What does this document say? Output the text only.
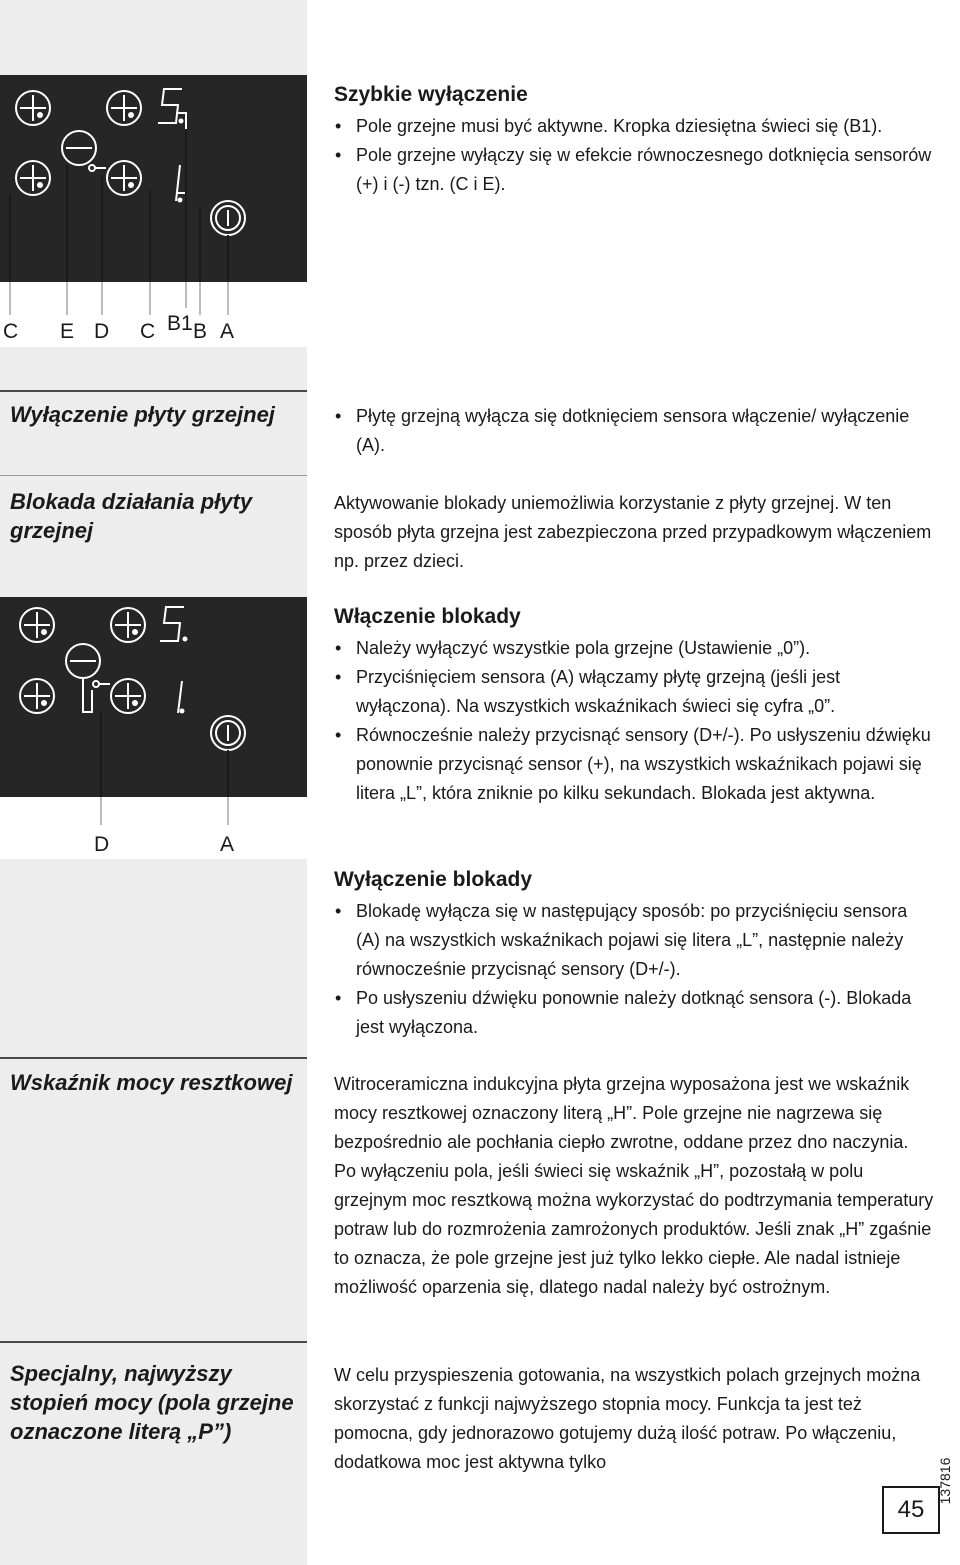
C E D C B1 B A
Wyłączenie płyty grzejnej
Blokada działania płyty grzejnej
D	A
Wskaźnik mocy resztkowej
Specjalny, najwyższy stopień mocy (pola grzejne oznaczone literą „P”)
Szybkie wyłączenie
• Pole grzejne musi być aktywne. Kropka dziesiętna świeci się (B1).
• Pole grzejne wyłączy się w efekcie równoczesnego dotknięcia sensorów (+) i (-) tzn. (C i E).
• Płytę grzejną wyłącza się dotknięciem sensora włączenie/ wyłączenie (A).
Aktywowanie blokady uniemożliwia korzystanie z płyty grzejnej. W ten sposób płyta grzejna jest zabezpieczona przed przypadkowym włączeniem np. przez dzieci.
Włączenie blokady
• Należy wyłączyć wszystkie pola grzejne (Ustawienie „0”).
• Przyciśnięciem sensora (A) włączamy płytę grzejną (jeśli jest wyłączona). Na wszystkich wskaźnikach świeci się cyfra „0”.
• Równocześnie należy przycisnąć sensory (D+/-). Po usłyszeniu dźwięku ponownie przycisnąć sensor (+), na wszystkich wskaźnikach pojawi się litera „L”, która zniknie po kilku sekundach. Blokada jest aktywna.
Wyłączenie blokady
• Blokadę wyłącza się w następujący sposób: po przyciśnięciu sensora (A) na wszystkich wskaźnikach pojawi się litera „L”, następnie należy równocześnie przycisnąć sensory (D+/-).
• Po usłyszeniu dźwięku ponownie należy dotknąć sensora (-). Blokada jest wyłączona.
Witroceramiczna indukcyjna płyta grzejna wyposażona jest we wskaźnik mocy resztkowej oznaczony literą „H”. Pole grzejne nie nagrzewa się bezpośrednio ale pochłania ciepło zwrotne, oddane przez dno naczynia. Po wyłączeniu pola, jeśli świeci się wskaźnik „H”, pozostałą w polu grzejnym moc resztkową można wykorzystać do podtrzymania temperatury potraw lub do rozmrożenia zamrożonych produktów. Jeśli znak „H” zgaśnie to oznacza, że pole grzejne jest już tylko lekko ciepłe. Ale nadal istnieje możliwość oparzenia się, dlatego nadal należy być ostrożnym.
W celu przyspieszenia gotowania, na wszystkich polach grzejnych można skorzystać z funkcji najwyższego stopnia mocy. Funkcja ta jest też pomocna, gdy jednorazowo gotujemy dużą ilość potraw. Po włączeniu, dodatkowa moc jest aktywna tylko	137816
45
